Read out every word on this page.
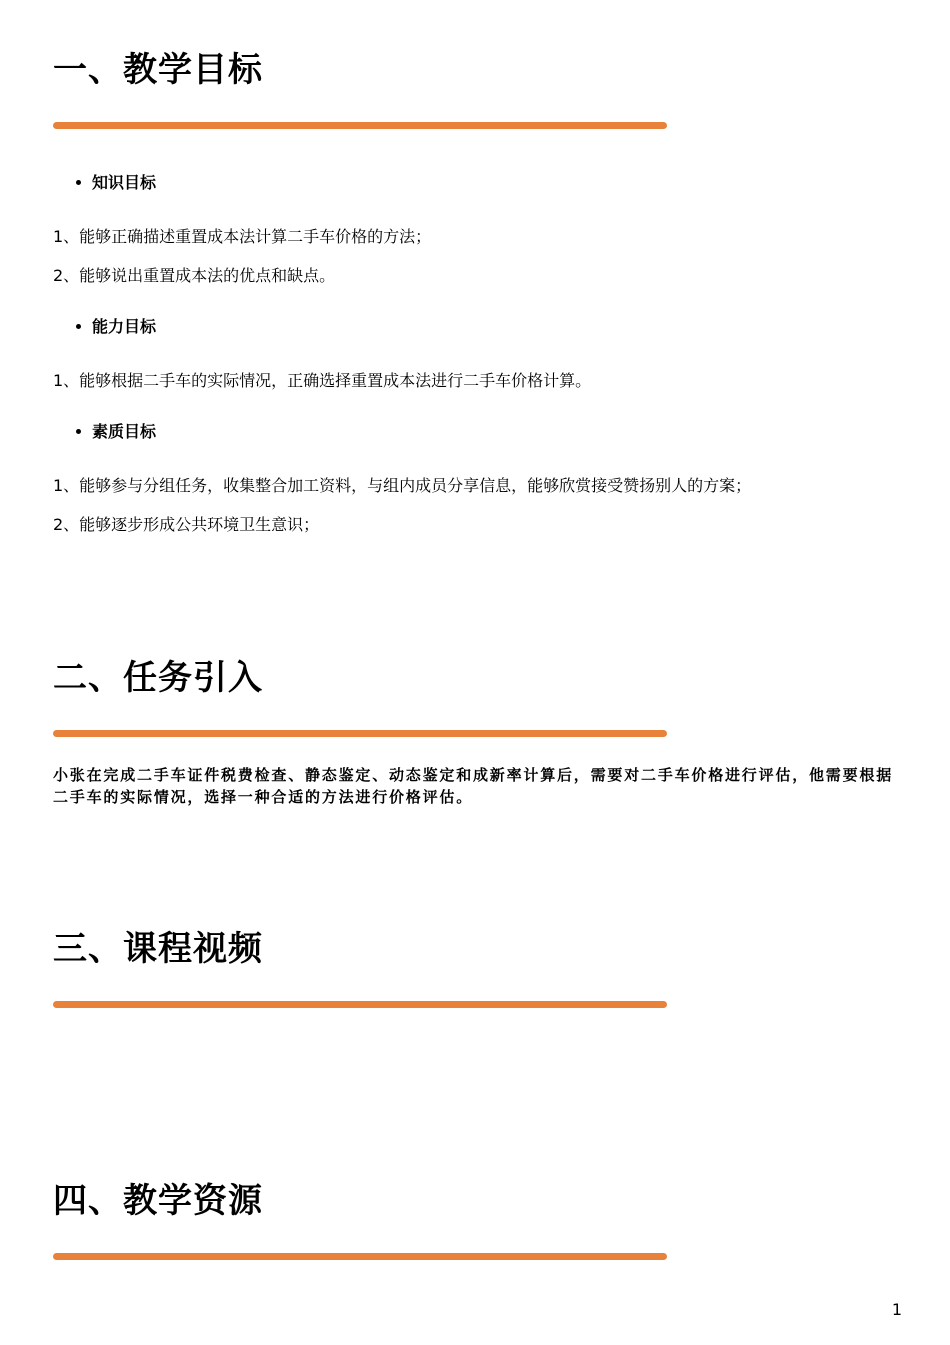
一、教学目标
知识目标
1、能够正确描述重置成本法计算二手车价格的方法；
2、能够说出重置成本法的优点和缺点。
能力目标
1、能够根据二手车的实际情况，正确选择重置成本法进行二手车价格计算。
素质目标
1、能够参与分组任务，收集整合加工资料，与组内成员分享信息，能够欣赏接受赞扬别人的方案；
2、能够逐步形成公共环境卫生意识；
二、任务引入

小张在完成二手车证件税费检查、静态鉴定、动态鉴定和成新率计算后，需要对二手车价格进行评估，他需要根据二手车的实际情况，选择一种合适的方法进行价格评估。

三、课程视频
四、教学资源
1
